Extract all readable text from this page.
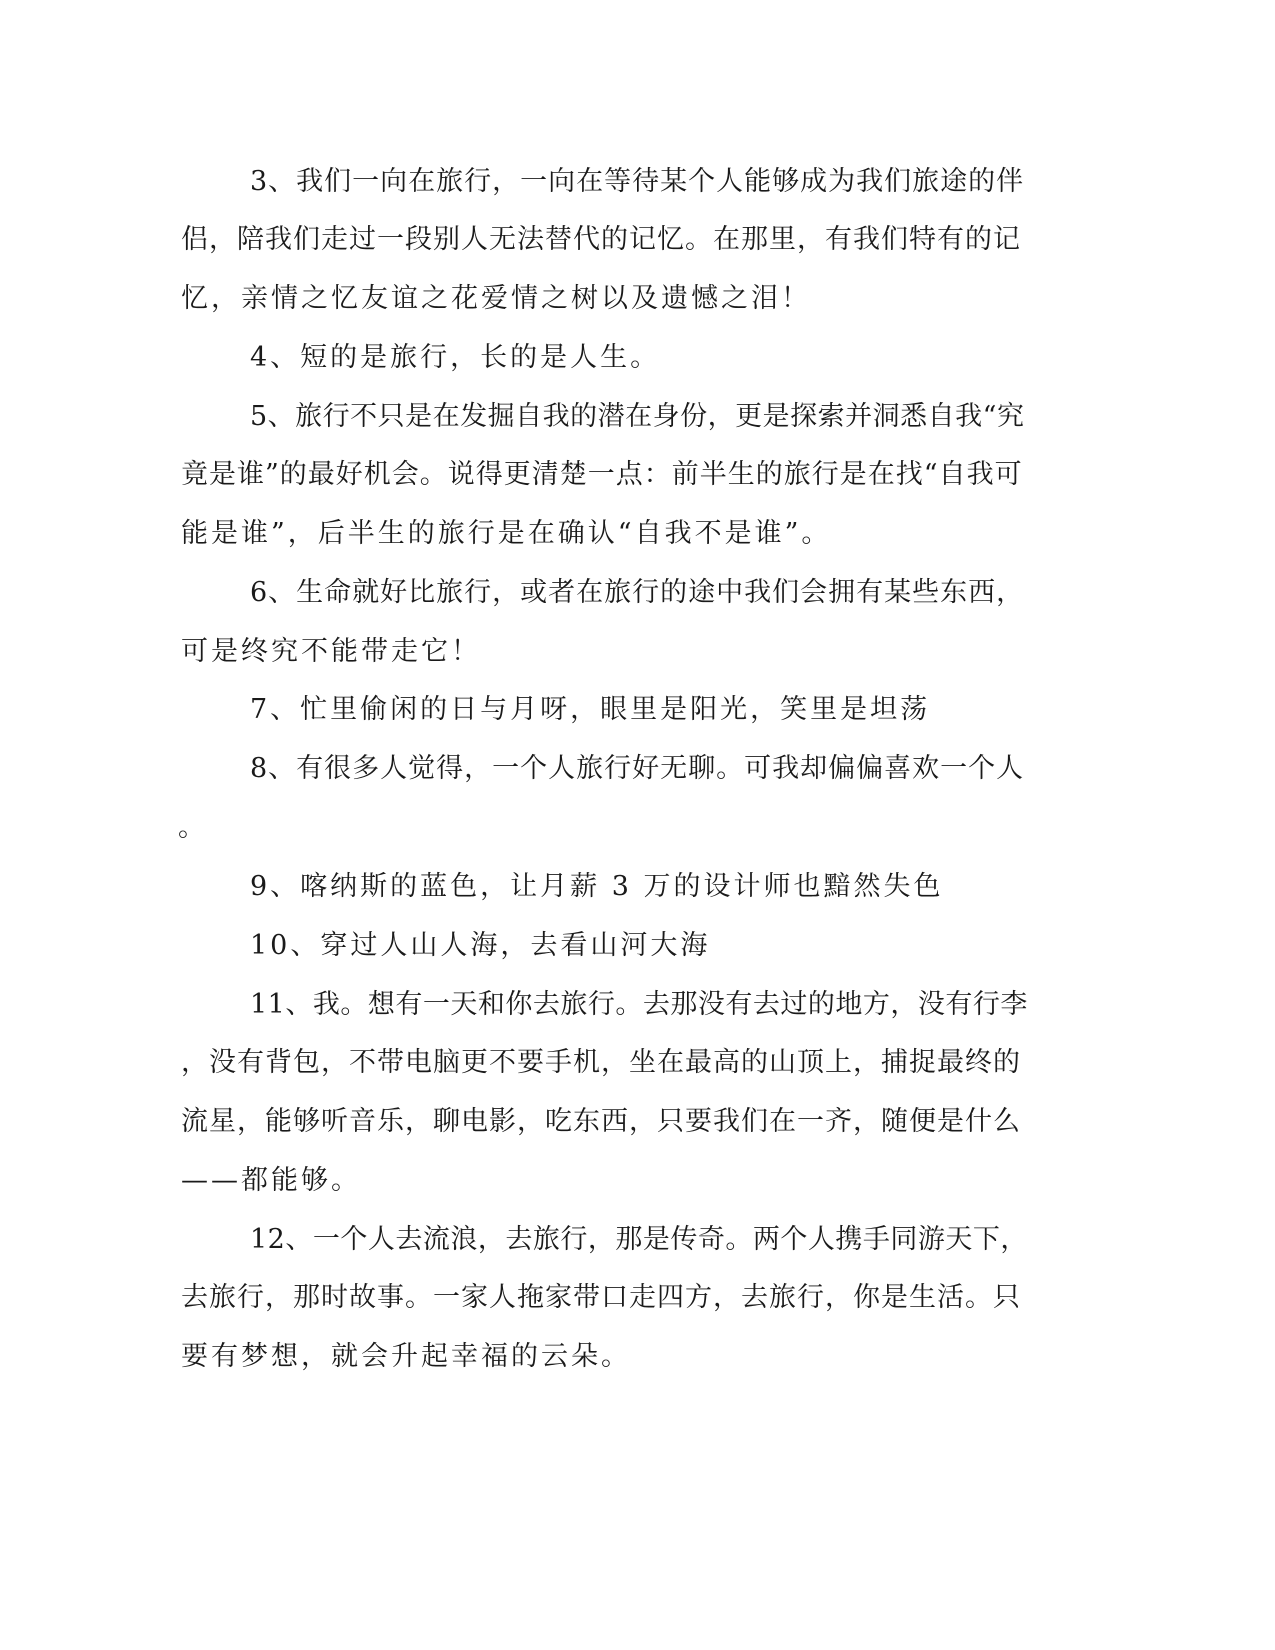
3、我们一向在旅行，一向在等待某个人能够成为我们旅途的伴
侣，陪我们走过一段别人无法替代的记忆。在那里，有我们特有的记
忆，亲情之忆友谊之花爱情之树以及遗憾之泪！
4、短的是旅行，长的是人生。
5、旅行不只是在发掘自我的潜在身份，更是探索并洞悉自我“究
竟是谁”的最好机会。说得更清楚一点：前半生的旅行是在找“自我可
能是谁”，后半生的旅行是在确认“自我不是谁”。
6、生命就好比旅行，或者在旅行的途中我们会拥有某些东西，
可是终究不能带走它！
7、忙里偷闲的日与月呀，眼里是阳光，笑里是坦荡
8、有很多人觉得，一个人旅行好无聊。可我却偏偏喜欢一个人
。
9、喀纳斯的蓝色，让月薪 3 万的设计师也黯然失色
10、穿过人山人海，去看山河大海
11、我。想有一天和你去旅行。去那没有去过的地方，没有行李
，没有背包，不带电脑更不要手机，坐在最高的山顶上，捕捉最终的
流星，能够听音乐，聊电影，吃东西，只要我们在一齐，随便是什么
——都能够。
12、一个人去流浪，去旅行，那是传奇。两个人携手同游天下，
去旅行，那时故事。一家人拖家带口走四方，去旅行，你是生活。只
要有梦想，就会升起幸福的云朵。
